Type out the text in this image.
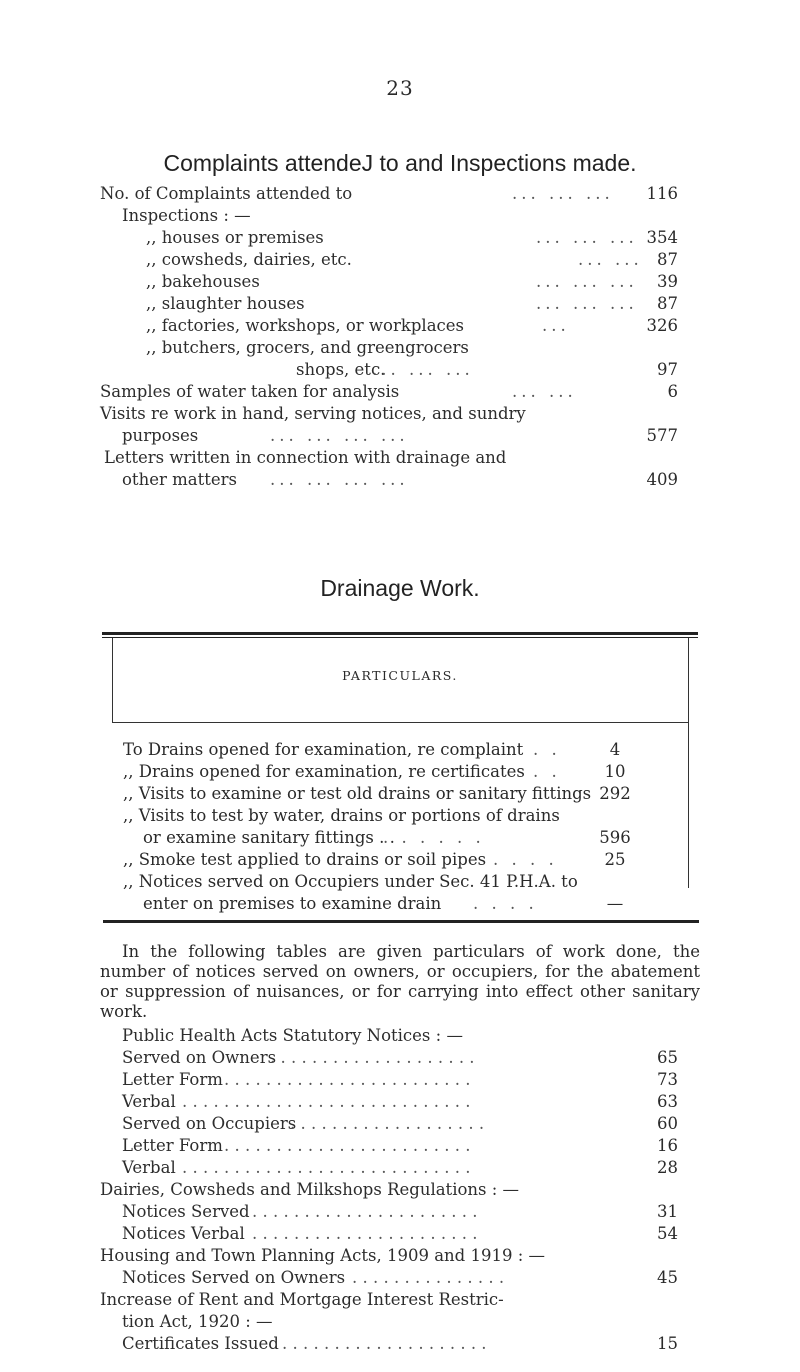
23
Complaints attendeJ to and Inspections made.
No. of Complaints attended to	... ... ... 116
Inspections : —
,, houses or premises	... ... ... 354
,, cowsheds, dairies, etc.	... ... 87
,, bakehouses	... ... ... 39
,, slaughter houses	... ... ... 87
,, factories, workshops, or workplaces	...	326
,, butchers, grocers, and greengrocers
shops, etc.
... ... ...	97
Samples of water taken for analysis	... ...	6
Visits re work in hand, serving notices, and sundry
purposes	... ... ... ...	577
Letters written in connection with drainage and
other matters ... ... ... ...	409
Drainage Work.
PARTICULARS.
To Drains opened for examination, re complaint . .	4
,, Drains opened for examination, re certificates . .	10
,, Visits to examine or test old drains or sanitary fittings 292
,, Visits to test by water, drains or portions of drains
or examine sanitary fittings . .
. . . . . .	596
,, Smoke test applied to drains or soil pipes . . . .	25
,, Notices served on Occupiers under Sec. 41 P.H.A. to
enter on premises to examine drain . . . .	—
In the following tables are given particulars of work done, the number of notices served on owners, or occupiers, for the abatement or suppression of nuisances, or for carrying into effect other sanitary work.
Public Health Acts Statutory Notices : —
Served on Owners
. . . . . . . . . . . . . . . . . . . .	65
Letter Form . . . . . . . . . . . . . . . . . . . . . . . .	73
Verbal . . . . . . . . . . . . . . . . . . . . . . . . . . . .	63
Served on Occupiers
. . . . . . . . . . . . . . . . . . .	60
Letter Form . . . . . . . . . . . . . . . . . . . . . . . .	16
Verbal . . . . . . . . . . . . . . . . . . . . . . . . . . . .	28
Dairies, Cowsheds and Milkshops Regulations : —
Notices Served . . . . . . . . . . . . . . . . . . . . . .	31
Notices Verbal . . . . . . . . . . . . . . . . . . . . . .	54
Housing and Town Planning Acts, 1909 and 1919 : —
Notices Served on Owners . . . . . . . . . . . . . . .	45
Increase of Rent and Mortgage Interest Restric-
tion Act, 1920 : —
Certificates Issued . . . . . . . . . . . . . . . . . . . .	15
